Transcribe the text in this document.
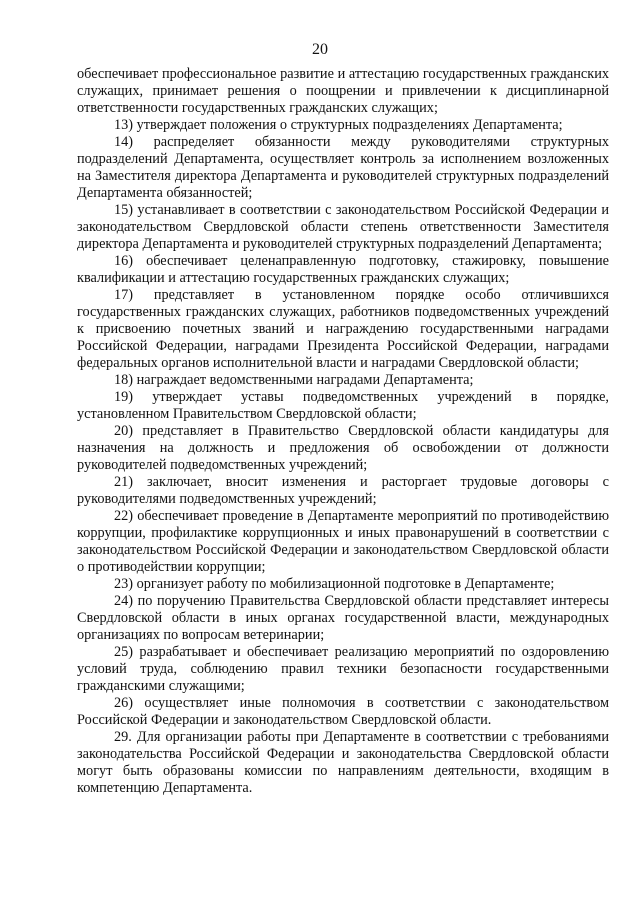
20

обеспечивает профессиональное развитие и аттестацию государственных гражданских служащих, принимает решения о поощрении и привлечении к дисциплинарной ответственности государственных гражданских служащих;

13) утверждает положения о структурных подразделениях Департамента;

14) распределяет обязанности между руководителями структурных подразделений Департамента, осуществляет контроль за исполнением возложенных на Заместителя директора Департамента и руководителей структурных подразделений Департамента обязанностей;

15) устанавливает в соответствии с законодательством Российской Федерации и законодательством Свердловской области степень ответственности Заместителя директора Департамента и руководителей структурных подразделений Департамента;

16) обеспечивает целенаправленную подготовку, стажировку, повышение квалификации и аттестацию государственных гражданских служащих;

17) представляет в установленном порядке особо отличившихся государственных гражданских служащих, работников подведомственных учреждений к присвоению почетных званий и награждению государственными наградами Российской Федерации, наградами Президента Российской Федерации, наградами федеральных органов исполнительной власти и наградами Свердловской области;

18) награждает ведомственными наградами Департамента;

19) утверждает уставы подведомственных учреждений в порядке, установленном Правительством Свердловской области;

20) представляет в Правительство Свердловской области кандидатуры для назначения на должность и предложения об освобождении от должности руководителей подведомственных учреждений;

21) заключает, вносит изменения и расторгает трудовые договоры с руководителями подведомственных учреждений;

22) обеспечивает проведение в Департаменте мероприятий по противодействию коррупции, профилактике коррупционных и иных правонарушений в соответствии с законодательством Российской Федерации и законодательством Свердловской области о противодействии коррупции;

23) организует работу по мобилизационной подготовке в Департаменте;

24) по поручению Правительства Свердловской области представляет интересы Свердловской области в иных органах государственной власти, международных организациях по вопросам ветеринарии;

25) разрабатывает и обеспечивает реализацию мероприятий по оздоровлению условий труда, соблюдению правил техники безопасности государственными гражданскими служащими;

26) осуществляет иные полномочия в соответствии с законодательством Российской Федерации и законодательством Свердловской области.

29. Для организации работы при Департаменте в соответствии с требованиями законодательства Российской Федерации и законодательства Свердловской области могут быть образованы комиссии по направлениям деятельности, входящим в компетенцию Департамента.
